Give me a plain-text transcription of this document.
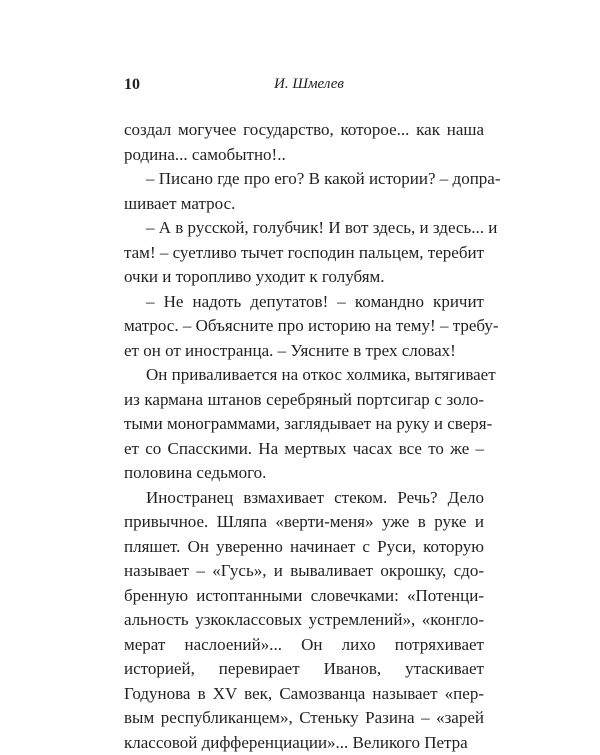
10	И. Шмелев
создал могучее государство, которое... как наша
родина... самобытно!..
– Писано где про его? В какой истории? – допра-
шивает матрос.
– А в русской, голубчик! И вот здесь, и здесь... и
там! – суетливо тычет господин пальцем, теребит
очки и торопливо уходит к голубям.
– Не надоть депутатов! – командно кричит
матрос. – Объясните про историю на тему! – требу-
ет он от иностранца. – Уясните в трех словах!
Он приваливается на откос холмика, вытягивает
из кармана штанов серебряный портсигар с золо-
тыми монограммами, заглядывает на руку и сверя-
ет со Спасскими. На мертвых часах все то же –
половина седьмого.
Иностранец взмахивает стеком. Речь? Дело
привычное. Шляпа «верти-меня» уже в руке и
пляшет. Он уверенно начинает с Руси, которую
называет – «Гусь», и вываливает окрошку, сдо-
бренную истоптанными словечками: «Потенци-
альность узкоклассовых устремлений», «конгло-
мерат наслоений»... Он лихо потряхивает
историей, перевирает Иванов, утаскивает
Годунова в XV век, Самозванца называет «пер-
вым республиканцем», Стеньку Разина – «зарей
классовой дифференциации»... Великого Петра
